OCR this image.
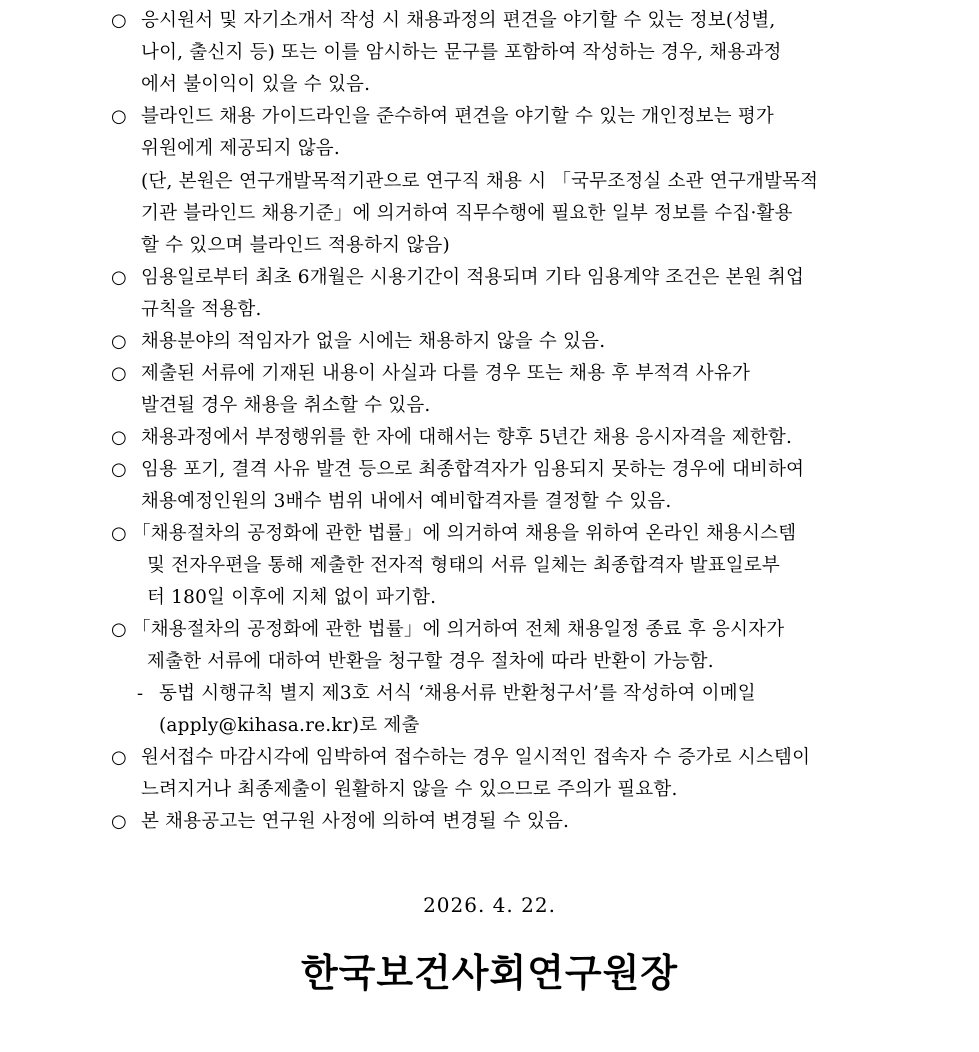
○ 응시원서 및 자기소개서 작성 시 채용과정의 편견을 야기할 수 있는 정보(성별,
나이, 출신지 등) 또는 이를 암시하는 문구를 포함하여 작성하는 경우, 채용과정
에서 불이익이 있을 수 있음.
○ 블라인드 채용 가이드라인을 준수하여 편견을 야기할 수 있는 개인정보는 평가
위원에게 제공되지 않음.
(단, 본원은 연구개발목적기관으로 연구직 채용 시 「국무조정실 소관 연구개발목적
기관 블라인드 채용기준」에 의거하여 직무수행에 필요한 일부 정보를 수집·활용
할 수 있으며 블라인드 적용하지 않음)
○ 임용일로부터 최초 6개월은 시용기간이 적용되며 기타 임용계약 조건은 본원 취업
규칙을 적용함.
○ 채용분야의 적임자가 없을 시에는 채용하지 않을 수 있음.
○ 제출된 서류에 기재된 내용이 사실과 다를 경우 또는 채용 후 부적격 사유가
발견될 경우 채용을 취소할 수 있음.
○ 채용과정에서 부정행위를 한 자에 대해서는 향후 5년간 채용 응시자격을 제한함.
○ 임용 포기, 결격 사유 발견 등으로 최종합격자가 임용되지 못하는 경우에 대비하여
채용예정인원의 3배수 범위 내에서 예비합격자를 결정할 수 있음.
○ 「채용절차의 공정화에 관한 법률」에 의거하여 채용을 위하여 온라인 채용시스템
및 전자우편을 통해 제출한 전자적 형태의 서류 일체는 최종합격자 발표일로부
터 180일 이후에 지체 없이 파기함.
○ 「채용절차의 공정화에 관한 법률」에 의거하여 전체 채용일정 종료 후 응시자가
제출한 서류에 대하여 반환을 청구할 경우 절차에 따라 반환이 가능함.
- 동법 시행규칙 별지 제3호 서식 ‘채용서류 반환청구서’를 작성하여 이메일
(apply@kihasa.re.kr)로 제출
○ 원서접수 마감시각에 임박하여 접수하는 경우 일시적인 접속자 수 증가로 시스템이
느려지거나 최종제출이 원활하지 않을 수 있으므로 주의가 필요함.
○ 본 채용공고는 연구원 사정에 의하여 변경될 수 있음.
2026. 4. 22.
한국보건사회연구원장
